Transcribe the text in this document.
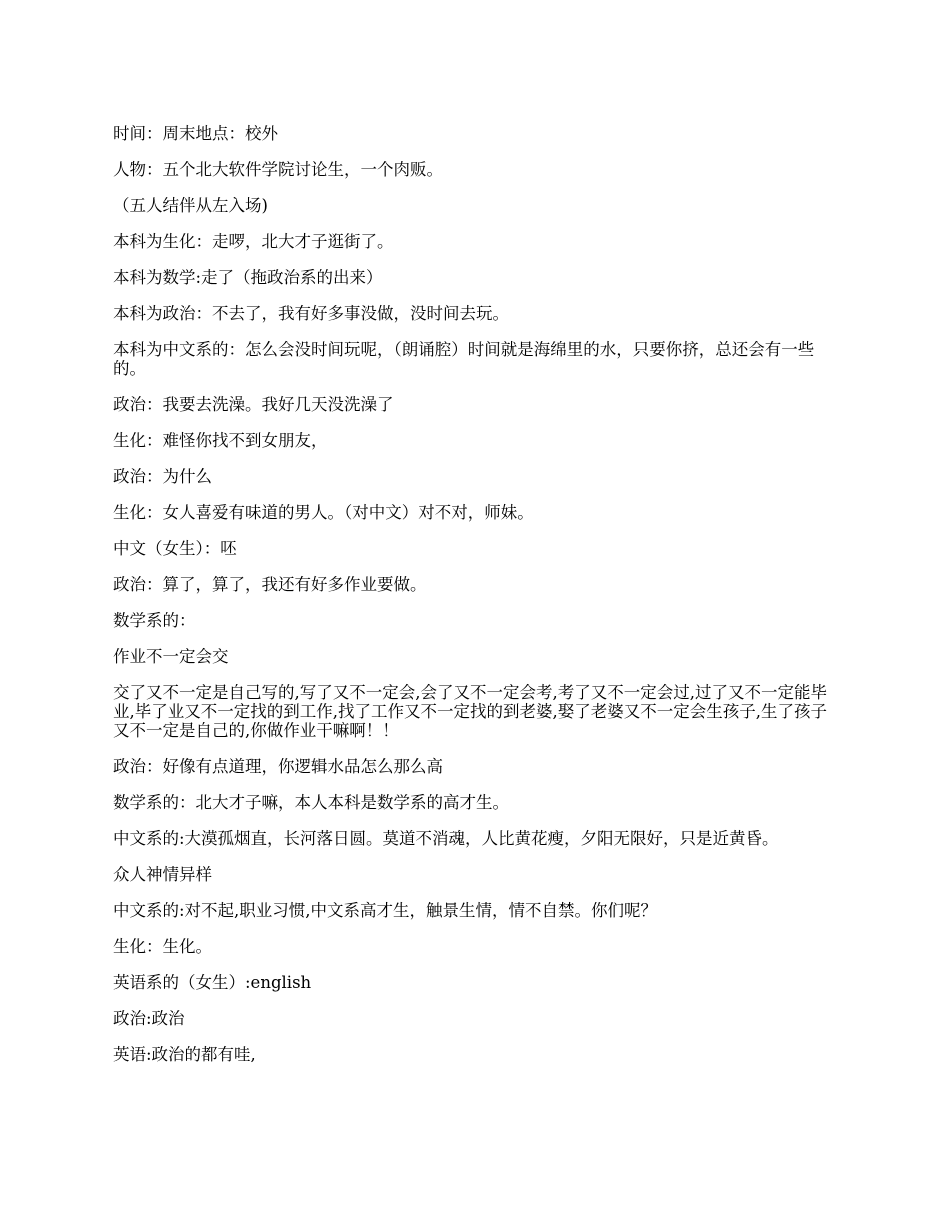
时间：周末地点：校外

人物：五个北大软件学院讨论生，一个肉贩。

（五人结伴从左入场)

本科为生化：走啰，北大才子逛街了。

本科为数学:走了（拖政治系的出来）

本科为政治：不去了，我有好多事没做，没时间去玩。

本科为中文系的：怎么会没时间玩呢，（朗诵腔）时间就是海绵里的水，只要你挤，总还会有一些的。

政治：我要去洗澡。我好几天没洗澡了

生化：难怪你找不到女朋友，

政治：为什么

生化：女人喜爱有味道的男人。（对中文）对不对，师妹。

中文（女生）：呸

政治：算了，算了，我还有好多作业要做。

数学系的：

作业不一定会交

交了又不一定是自己写的,写了又不一定会,会了又不一定会考,考了又不一定会过,过了又不一定能毕业,毕了业又不一定找的到工作,找了工作又不一定找的到老婆,娶了老婆又不一定会生孩子,生了孩子又不一定是自己的,你做作业干嘛啊！！

政治：好像有点道理，你逻辑水品怎么那么高

数学系的：北大才子嘛，本人本科是数学系的高才生。

中文系的:大漠孤烟直，长河落日圆。莫道不消魂，人比黄花瘦，夕阳无限好，只是近黄昏。

众人神情异样

中文系的:对不起,职业习惯,中文系高才生，触景生情，情不自禁。你们呢？

生化：生化。

英语系的（女生）:english

政治:政治

英语:政治的都有哇,
